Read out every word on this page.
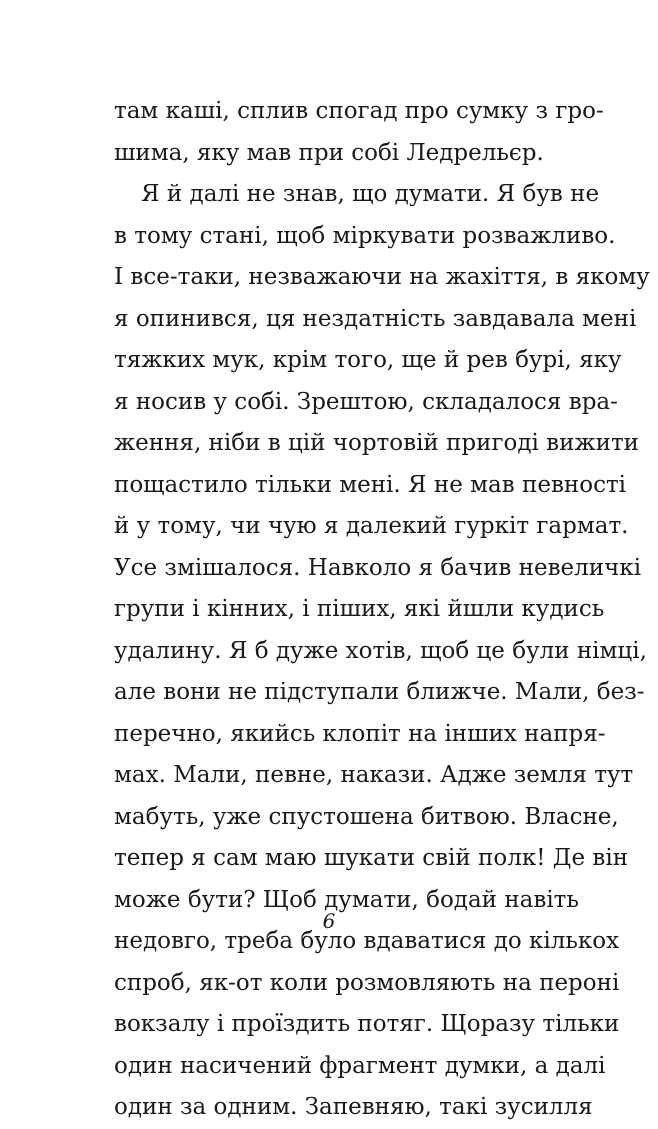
там каші, сплив спогад про сумку з гро-
шима, яку мав при собі Ледрельєр.
Я й далі не знав, що думати. Я був не
в тому стані, щоб міркувати розважливо.
І все-таки, незважаючи на жахіття, в якому
я опинився, ця нездатність завдавала мені
тяжких мук, крім того, ще й рев бурі, яку
я носив у собі. Зрештою, складалося вра-
ження, ніби в цій чортовій пригоді вижити
пощастило тільки мені. Я не мав певності
й у тому, чи чую я далекий гуркіт гармат.
Усе змішалося. Навколо я бачив невеличкі
групи і кінних, і піших, які йшли кудись
удалину. Я б дуже хотів, щоб це були німці,
але вони не підступали ближче. Мали, без-
перечно, якийсь клопіт на інших напря-
мах. Мали, певне, накази. Адже земля тут
мабуть, уже спустошена битвою. Власне,
тепер я сам маю шукати свій полк! Де він
може бути? Щоб думати, бодай навіть
недовго, треба було вдаватися до кількох
спроб, як-от коли розмовляють на пероні
вокзалу і проїздить потяг. Щоразу тільки
один насичений фрагмент думки, а далі
один за одним. Запевняю, такі зусилля
6
